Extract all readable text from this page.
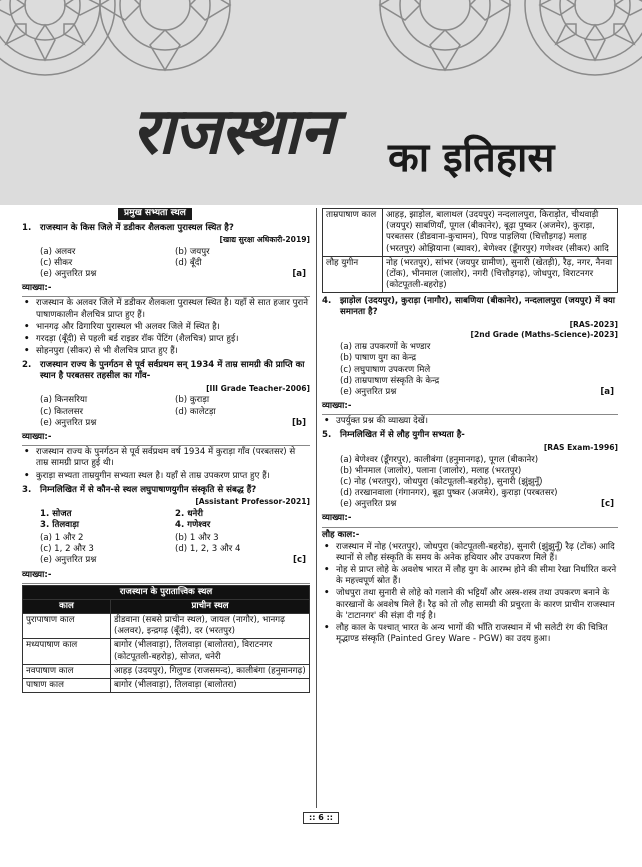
राजस्थान का इतिहास
प्रमुख सभ्यता स्थल
1.	राजस्थान के किस जिले में डडीकर शैलकला पुरास्थल स्थित है?
[खाद्य सुरक्षा अधिकारी-2019]
(a) अलवर	(b) जयपुर
(c) सीकर	(d) बूँदी
(e) अनुत्तरित प्रश्न	[a]
व्याख्या:-
• राजस्थान के अलवर जिले में डडीकर शैलकला पुरास्थल स्थित है। यहाँ से सात हजार पुराने पाषाणकालीन शैलचित्र प्राप्त हुए हैं।
• भानगढ़ और ढिगारिया पुरास्थल भी अलवर जिले में स्थित है।
• गरदड़ा (बूँदी) से पहली बर्ड राइडर रॉक पेंटिंग (शैलचित्र) प्राप्त हुई।
• सोहनपुरा (सीकर) से भी शैलचित्र प्राप्त हुए हैं।
2.	राजस्थान राज्य के पुनर्गठन से पूर्व सर्वप्रथम सन् 1934 में ताम्र सामग्री की प्राप्ति का स्थान है परबतसर तहसील का गाँव-
[III Grade Teacher-2006]
(a) किनसरिया	(b) कुराड़ा
(c) कितलसर	(d) कालेटड़ा
(e) अनुत्तरित प्रश्न	[b]
व्याख्या:-
• राजस्थान राज्य के पुनर्गठन से पूर्व सर्वप्रथम वर्ष 1934 में कुराड़ा गाँव (परबतसर) से ताम्र सामग्री प्राप्त हुई थी।
• कुराड़ा सभ्यता ताम्रयुगीन सभ्यता स्थल है। यहाँ से ताम्र उपकरण प्राप्त हुए हैं।
3.	निम्नलिखित में से कौन-से स्थल लघुपाषाणयुगीन संस्कृति से संबद्ध हैं?
[Assistant Professor-2021]
1. सोजत	2. धनेरी
3. तिलवाड़ा	4. गणेश्वर
(a) 1 और 2	(b) 1 और 3
(c) 1, 2 और 3	(d) 1, 2, 3 और 4
(e) अनुत्तरित प्रश्न	[c]
व्याख्या:-
राजस्थान के पुरातात्त्विक स्थल	
काल	प्राचीन स्थल
पुरापाषाण काल	डीडवाना (सबसे प्राचीन स्थल), जायल (नागौर), भानगढ़ (अलवर), इन्द्रगढ़ (बूँदी), दर (भरतपुर)
मध्यपाषाण काल	बागोर (भीलवाड़ा), तिलवाड़ा (बालोतरा), विराटनगर (कोटपूतली-बहरोड़), सोजत, धनेरी
नवपाषाण काल	आहड़ (उदयपुर), गिलुण्ड (राजसमन्द), कालीबंगा (हनुमानगढ़)
पाषाण काल	बागोर (भीलवाड़ा), तिलवाड़ा (बालोतरा)
ताम्रपाषाण काल	आहड़, झाड़ोल, बालाथल (उदयपुर) नन्दलालपुरा, किराड़ोत, चीथवाड़ी (जयपुर) साबणियाँ, पूगल (बीकानेर), बूढ़ा पुष्कर (अजमेर), कुराड़ा, परबतसर (डीडवाना-कुचामन), पिण्ड पाड़लिया (चित्तौड़गढ़) मलाह (भरतपुर) ओझियाना (ब्यावर), बेणेश्वर (डूँगरपुर) गणेश्वर (सीकर) आदि
लौह युगीन	नोह (भरतपुर), सांभर (जयपुर ग्रामीण), सुनारी (खेतड़ी), रैढ़, नगर, नैनवा (टोंक), भीनमाल (जालोर), नगरी (चित्तौड़गढ़), जोधपुरा, विराटनगर (कोटपूतली-बहरोड़)
4.	झाड़ोल (उदयपुर), कुराड़ा (नागौर), साबणिया (बीकानेर), नन्दलालपुरा (जयपुर) में क्या समानता है?
[RAS-2023]
[2nd Grade (Maths-Science)-2023]
(a) ताम्र उपकरणों के भण्डार
(b) पाषाण युग का केन्द्र
(c) लघुपाषाण उपकरण मिले
(d) ताम्रपाषाण संस्कृति के केन्द्र
(e) अनुत्तरित प्रश्न	[a]
व्याख्या:-
• उपर्युक्त प्रश्न की व्याख्या देखें।
5.	निम्नलिखित में से लौह युगीन सभ्यता है-
[RAS Exam-1996]
(a) बेणेश्वर (डूँगरपुर), कालीबंगा (हनुमानगढ़), पूगल (बीकानेर)
(b) भीनमाल (जालोर), पलाना (जालोर), मलाह (भरतपुर)
(c) नोह (भरतपुर), जोधपुरा (कोटपूतली-बहरोड़), सुनारी (झुंझुनूँ)
(d) तरखानवाला (गंगानगर), बूढ़ा पुष्कर (अजमेर), कुराड़ा (परबतसर)
(e) अनुत्तरित प्रश्न	[c]
व्याख्या:-
लौह काल:-
• राजस्थान में नोह (भरतपुर), जोधपुरा (कोटपूतली-बहरोड़), सुनारी (झुंझुनूँ) रैढ़ (टोंक) आदि स्थानों से लौह संस्कृति के समय के अनेक हथियार और उपकरण मिले हैं।
• नोह से प्राप्त लोहे के अवशेष भारत में लौह युग के आरम्भ होने की सीमा रेखा निर्धारित करने के महत्त्वपूर्ण स्रोत हैं।
• जोधपुरा तथा सुनारी से लोहे को गलाने की भट्टियाँ और अस्त्र-शस्त्र तथा उपकरण बनाने के कारखानों के अवशेष मिले हैं। रैढ़ को तो लौह सामग्री की प्रचुरता के कारण प्राचीन राजस्थान के 'टाटानगर' की संज्ञा दी गई है।
• लौह काल के पश्चात् भारत के अन्य भागों की भाँति राजस्थान में भी सलेटी रंग की चित्रित मृद्भाण्ड संस्कृति (Painted Grey Ware - PGW) का उदय हुआ।
:: 6 ::
